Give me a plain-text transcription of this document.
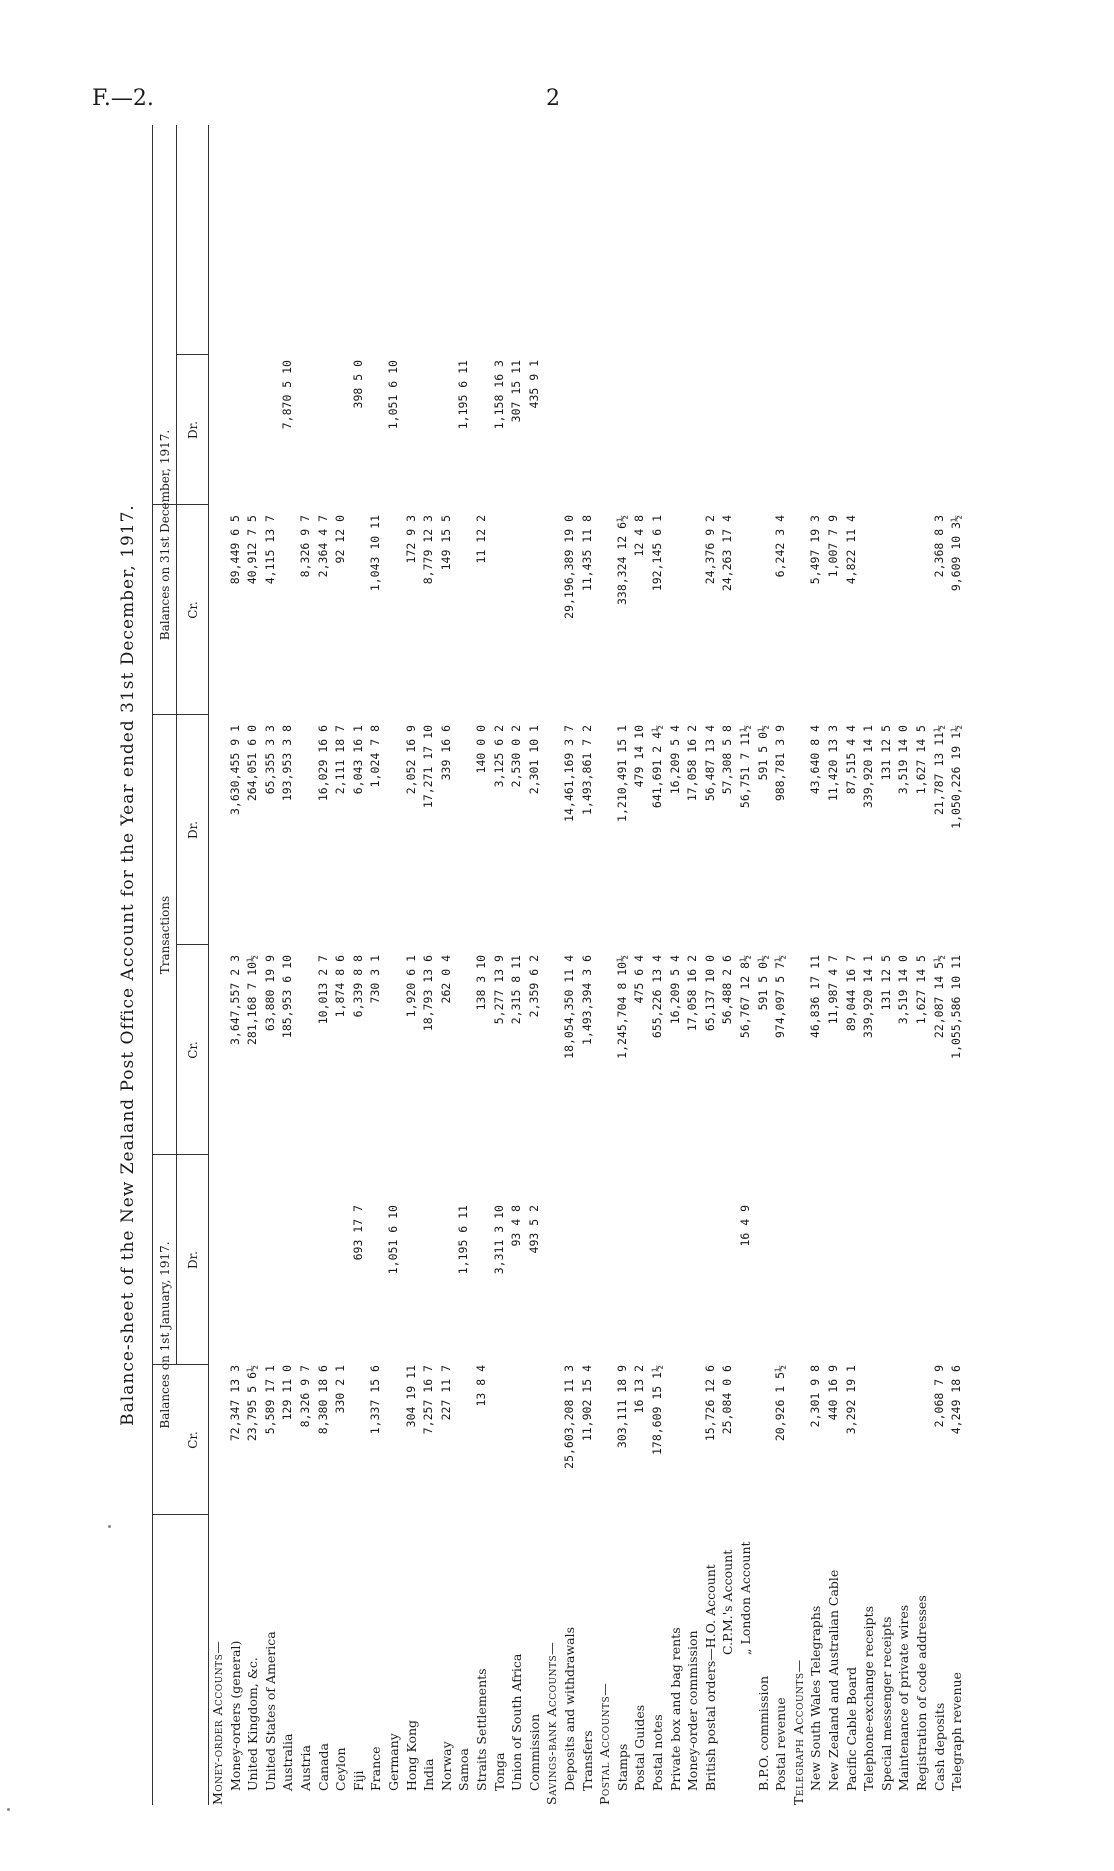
F.—2.	2
Balance-sheet of the New Zealand Post Office Account for the Year ended 31st December, 1917. Balances on 1st January, 1917.
Transactions
Balances on 31st December, 1917.
Cr.
Dr.
Cr.
Dr.
Cr.
Dr.
Money-order Accounts— Money-orders (general)
72,347 13 3
3,647,557 2 3
3,630,455 9 1
89,449 6 5
United Kingdom, &c.
23,795 5 6½
281,168 7 10½
264,051 6 0
40,912 7 5
United States of America
5,589 17 1
63,880 19 9
65,355 3 3
4,115 13 7
Australia
129 11 0
185,953 6 10
193,953 3 8
7,870 5 10
Austria
8,326 9 7
8,326 9 7
Canada
8,380 18 6
10,013 2 7
16,029 16 6
2,364 4 7
Ceylon
330 2 1
1,874 8 6
2,111 18 7
92 12 0
Fiji
693 17 7
6,339 8 8
6,043 16 1
398 5 0
France
1,337 15 6
730 3 1
1,024 7 8
1,043 10 11
Germany
1,051 6 10
1,051 6 10
Hong Kong
304 19 11
1,920 6 1
2,052 16 9
172 9 3
India
7,257 16 7
18,793 13 6
17,271 17 10
8,779 12 3
Norway
227 11 7
262 0 4
339 16 6
149 15 5
Samoa
1,195 6 11
1,195 6 11
Straits Settlements
13 8 4
138 3 10
140 0 0
11 12 2
Tonga
3,311 3 10
5,277 13 9
3,125 6 2
1,158 16 3
Union of South Africa
93 4 8
2,315 8 11
2,530 0 2
307 15 11
Commission
493 5 2
2,359 6 2
2,301 10 1
435 9 1
Savings-bank Accounts— Deposits and withdrawals
25,603,208 11 3
18,054,350 11 4
14,461,169 3 7
29,196,389 19 0
Transfers
11,902 15 4
1,493,394 3 6
1,493,861 7 2
11,435 11 8
Postal Accounts— Stamps
303,111 18 9
1,245,704 8 10½
1,210,491 15 1
338,324 12 6½
Postal Guides
16 13 2
475 6 4
479 14 10
12 4 8
Postal notes
178,609 15 1½
655,226 13 4
641,691 2 4½
192,145 6 1
Private box and bag rents
16,209 5 4
16,209 5 4
Money-order commission
17,058 16 2
17,058 16 2
British postal orders—H.O. Account
15,726 12 6
65,137 10 0
56,487 13 4
24,376 9 2
C.P.M.'s Account
25,084 0 6
56,488 2 6
57,308 5 8
24,263 17 4
„ London Account
16 4 9
56,767 12 8½
56,751 7 11½
B.P.O. commission
591 5 0½
591 5 0½
Postal revenue
20,926 1 5½
974,097 5 7½
988,781 3 9
6,242 3 4
Telegraph Accounts— New South Wales Telegraphs
2,301 9 8
46,836 17 11
43,640 8 4
5,497 19 3
New Zealand and Australian Cable
440 16 9
11,987 4 7
11,420 13 3
1,007 7 9
Pacific Cable Board
3,292 19 1
89,044 16 7
87,515 4 4
4,822 11 4
Telephone-exchange receipts
339,920 14 1
339,920 14 1
Special messenger receipts
131 12 5
131 12 5
Maintenance of private wires
3,519 14 0
3,519 14 0
Registration of code addresses
1,627 14 5
1,627 14 5
Cash deposits
2,068 7 9
22,087 14 5½
21,787 13 11½
2,368 8 3
Telegraph revenue
4,249 18 6
1,055,586 10 11
1,050,226 19 1½
9,609 10 3½
